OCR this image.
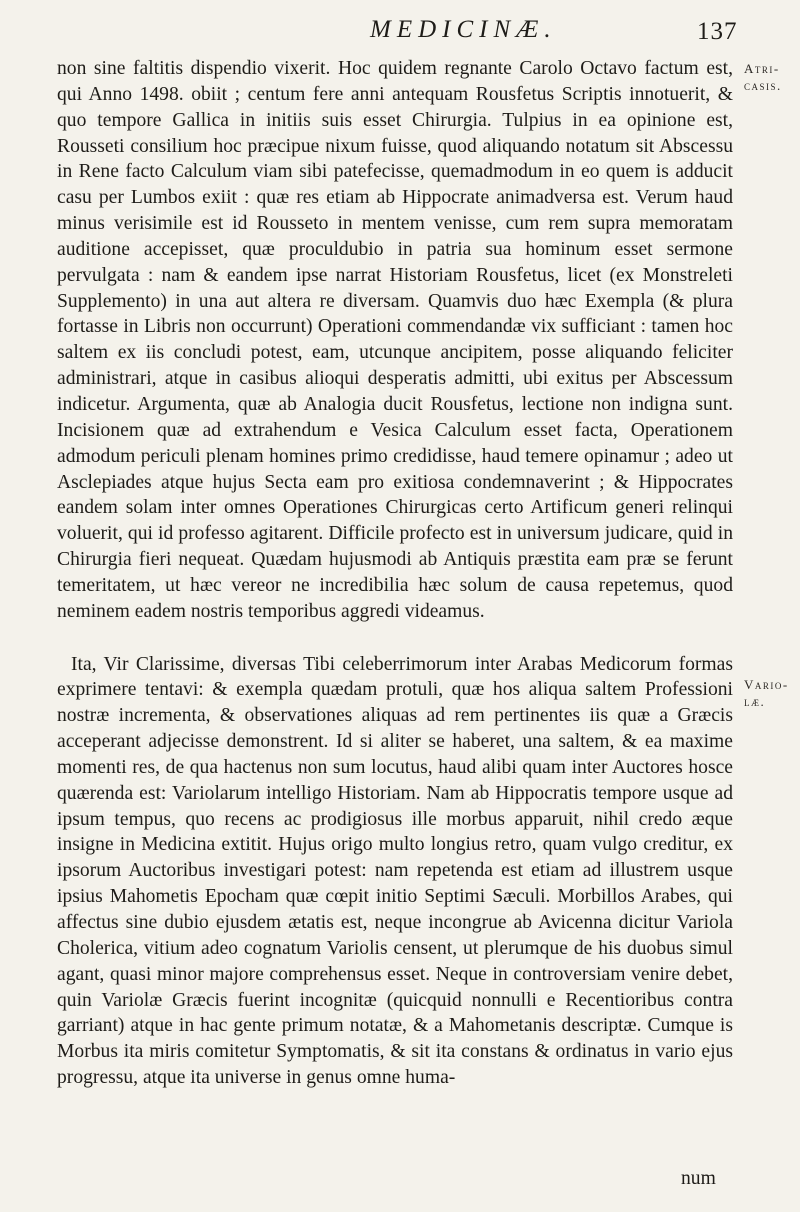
MEDICINÆ.	137
Atri- casis.
Vario- læ.

non sine faltitis dispendio vixerit. Hoc quidem regnante Carolo Octavo factum est, qui Anno 1498. obiit ; centum fere anni antequam Rousfetus Scriptis innotuerit, & quo tempore Gallica in initiis suis esset Chirurgia. Tulpius in ea opinione est, Rousseti consilium hoc præcipue nixum fuisse, quod aliquando notatum sit Abscessu in Rene facto Calculum viam sibi patefecisse, quemadmodum in eo quem is adducit casu per Lumbos exiit : quæ res etiam ab Hippocrate animadversa est. Verum haud minus verisimile est id Rousseto in mentem venisse, cum rem supra memoratam auditione accepisset, quæ proculdubio in patria sua hominum esset sermone pervulgata : nam & eandem ipse narrat Historiam Rousfetus, licet (ex Monstreleti Supplemento) in una aut altera re diversam. Quamvis duo hæc Exempla (& plura fortasse in Libris non occurrunt) Operationi commendandæ vix sufficiant : tamen hoc saltem ex iis concludi potest, eam, utcunque ancipitem, posse aliquando feliciter administrari, atque in casibus alioqui desperatis admitti, ubi exitus per Abscessum indicetur. Argumenta, quæ ab Analogia ducit Rousfetus, lectione non indigna sunt. Incisionem quæ ad extrahendum e Vesica Calculum esset facta, Operationem admodum periculi plenam homines primo credidisse, haud temere opinamur ; adeo ut Asclepiades atque hujus Secta eam pro exitiosa condemnaverint ; & Hippocrates eandem solam inter omnes Operationes Chirurgicas certo Artificum generi relinqui voluerit, qui id professo agitarent. Difficile profecto est in universum judicare, quid in Chirurgia fieri nequeat. Quædam hujusmodi ab Antiquis præstita eam præ se ferunt temeritatem, ut hæc vereor ne incredibilia hæc solum de causa repetemus, quod neminem eadem nostris temporibus aggredi videamus.

Ita, Vir Clarissime, diversas Tibi celeberrimorum inter Arabas Medicorum formas exprimere tentavi: & exempla quædam protuli, quæ hos aliqua saltem Professioni nostræ incrementa, & observationes aliquas ad rem pertinentes iis quæ a Græcis acceperant adjecisse demonstrent. Id si aliter se haberet, una saltem, & ea maxime momenti res, de qua hactenus non sum locutus, haud alibi quam inter Auctores hosce quærenda est: Variolarum intelligo Historiam. Nam ab Hippocratis tempore usque ad ipsum tempus, quo recens ac prodigiosus ille morbus apparuit, nihil credo æque insigne in Medicina extitit. Hujus origo multo longius retro, quam vulgo creditur, ex ipsorum Auctoribus investigari potest: nam repetenda est etiam ad illustrem usque ipsius Mahometis Epocham quæ cœpit initio Septimi Sæculi. Morbillos Arabes, qui affectus sine dubio ejusdem ætatis est, neque incongrue ab Avicenna dicitur Variola Cholerica, vitium adeo cognatum Variolis censent, ut plerumque de his duobus simul agant, quasi minor majore comprehensus esset. Neque in controversiam venire debet, quin Variolæ Græcis fuerint incognitæ (quicquid nonnulli e Recentioribus contra garriant) atque in hac gente primum notatæ, & a Mahometanis descriptæ. Cumque is Morbus ita miris comitetur Symptomatis, & sit ita constans & ordinatus in vario ejus progressu, atque ita universe in genus omne huma-

num
